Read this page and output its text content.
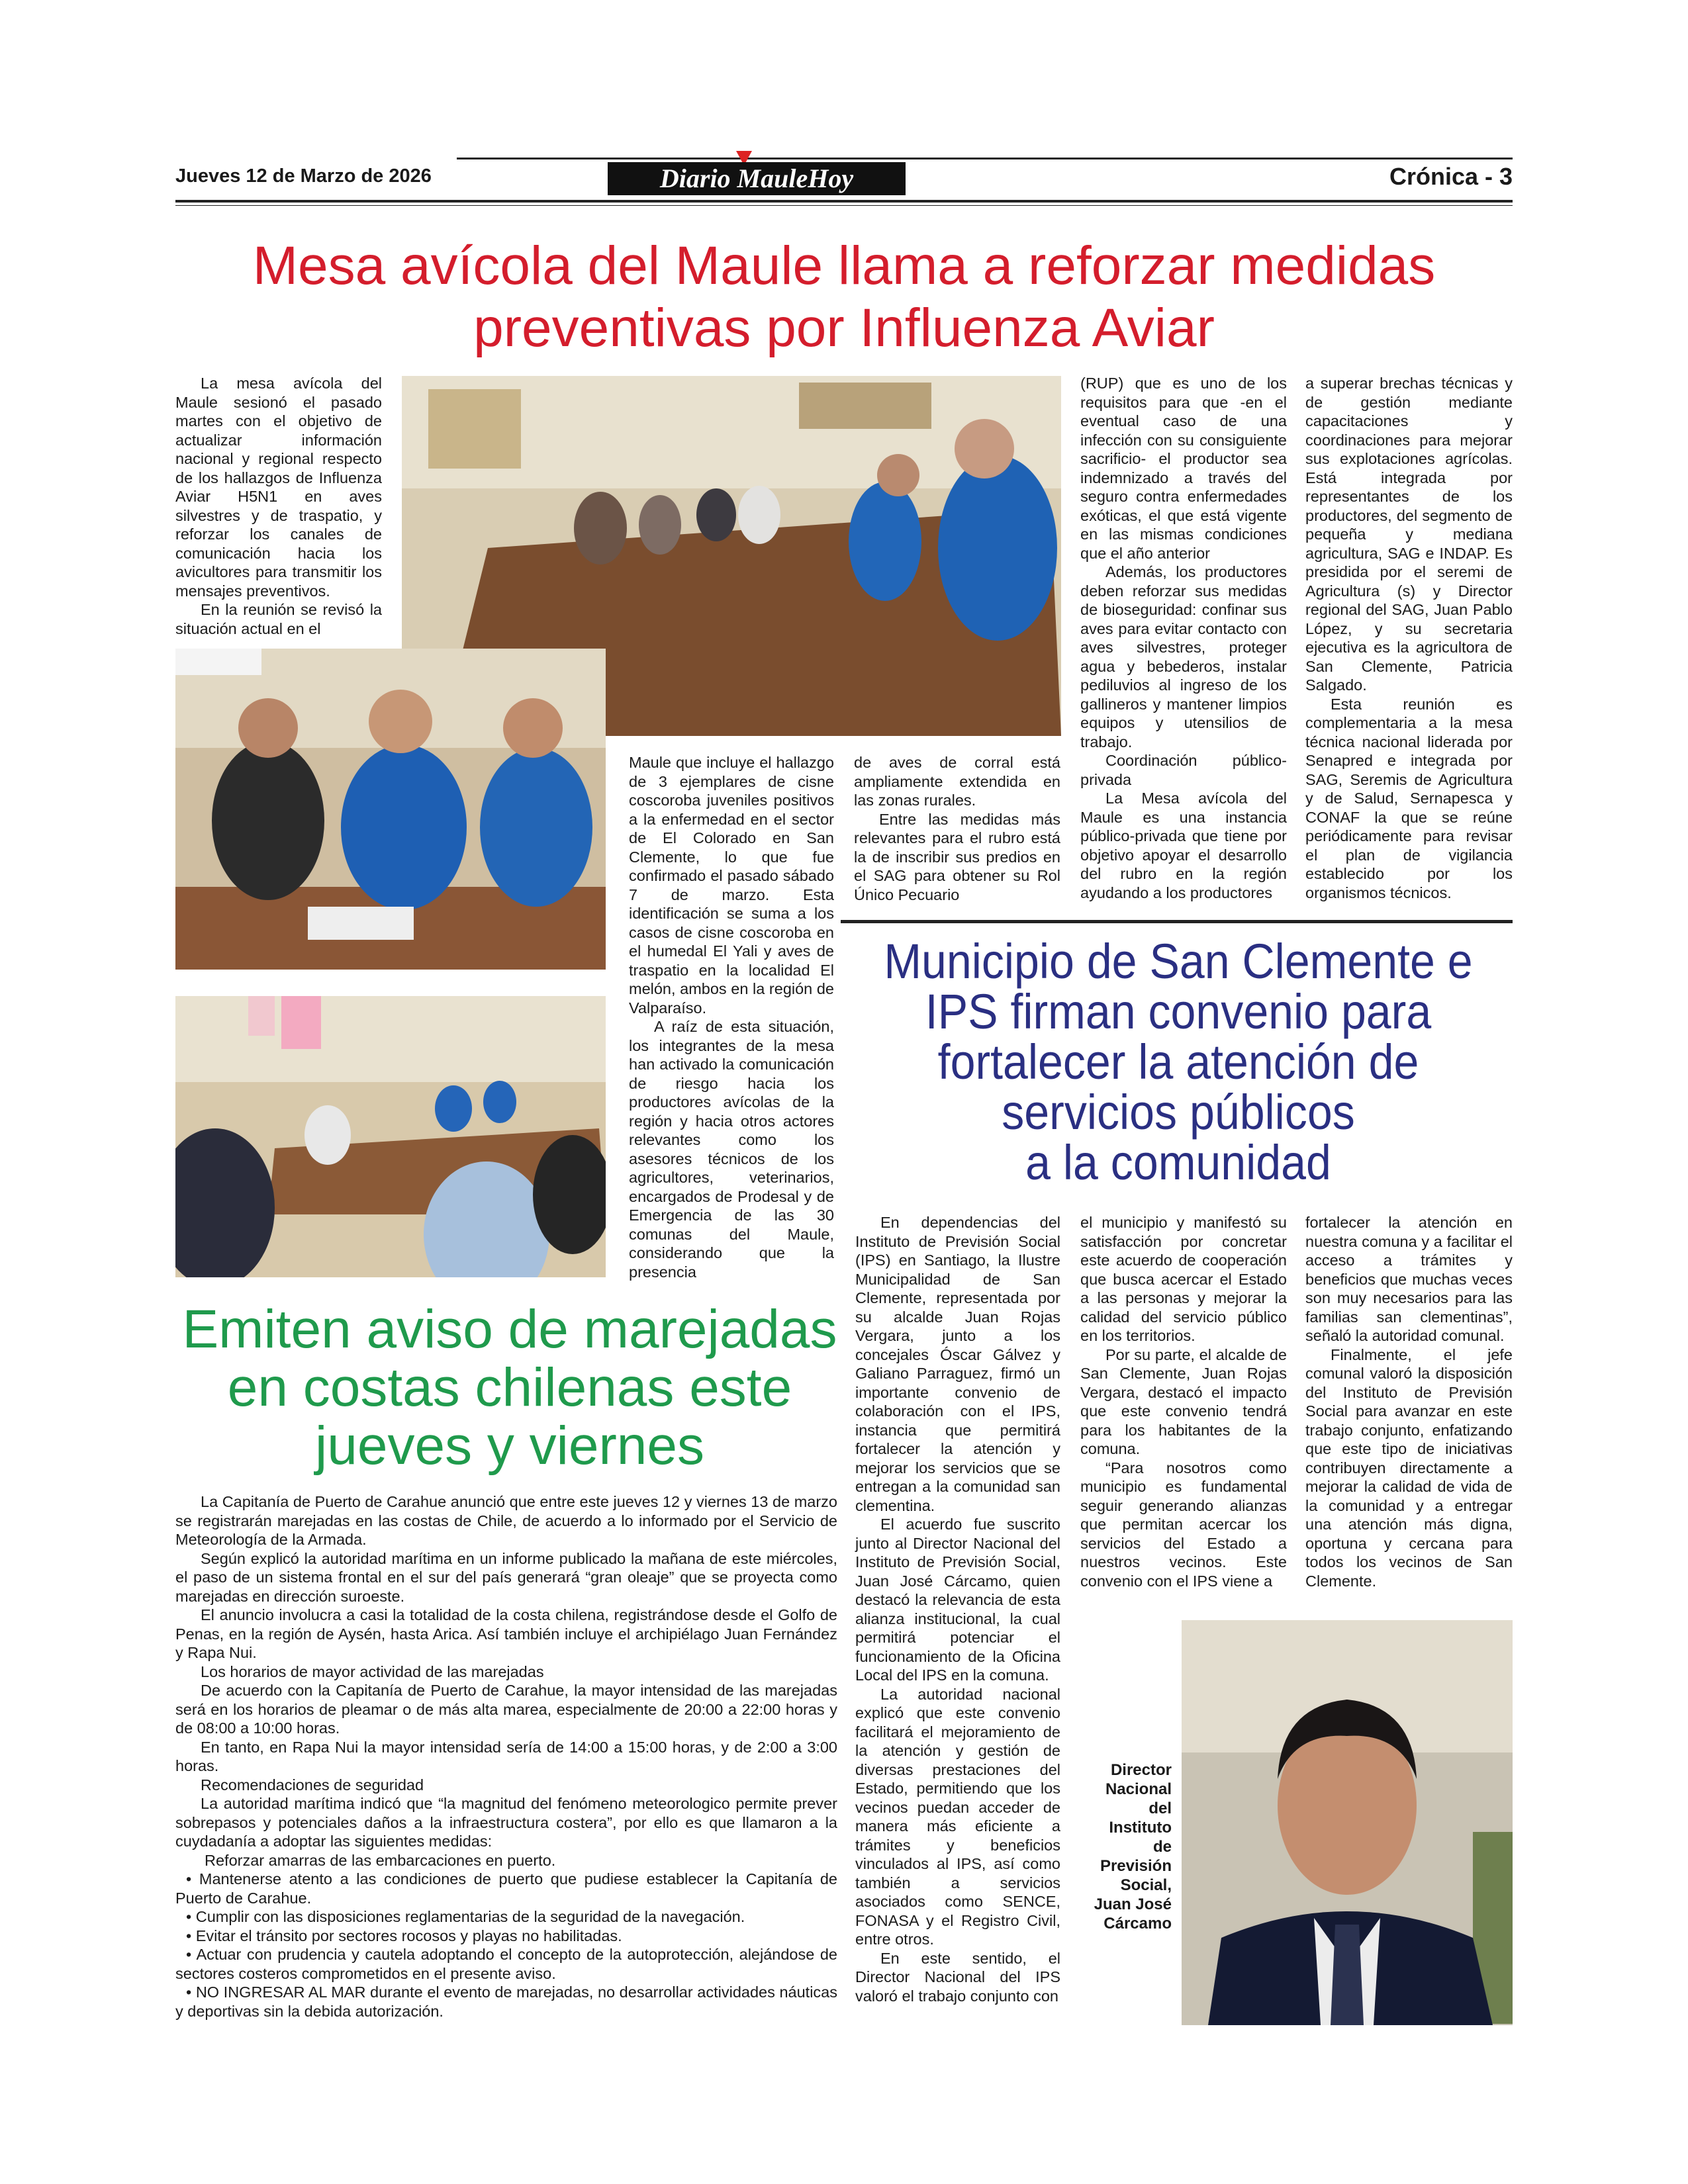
Jueves 12 de Marzo de 2026	Diario MauleHoy	Crónica - 3
Mesa avícola del Maule llama a reforzar medidas
preventivas por Influenza Aviar

La mesa avícola del Maule sesionó el pasado martes con el objetivo de actualizar información nacional y regional respecto de los hallazgos de Influenza Aviar H5N1 en aves silvestres y de traspatio, y reforzar los canales de comunicación hacia los avicultores para transmitir los mensajes preventivos.

En la reunión se revisó la situación actual en el

Maule que incluye el hallazgo de 3 ejemplares de cisne coscoroba juveniles positivos a la enfermedad en el sector de El Colorado en San Clemente, lo que fue confirmado el pasado sábado 7 de marzo. Esta identificación se suma a los casos de cisne coscoroba en el humedal El Yali y aves de traspatio en la localidad El melón, ambos en la región de Valparaíso.

A raíz de esta situación, los integrantes de la mesa han activado la comunicación de riesgo hacia los productores avícolas de la región y hacia otros actores relevantes como los asesores técnicos de los agricultores, veterinarios, encargados de Prodesal y de Emergencia de las 30 comunas del Maule, considerando que la presencia

de aves de corral está ampliamente extendida en las zonas rurales.

Entre las medidas más relevantes para el rubro está la de inscribir sus predios en el SAG para obtener su Rol Único Pecuario

(RUP) que es uno de los requisitos para que -en el eventual caso de una infección con su consiguiente sacrificio- el productor sea indemnizado a través del seguro contra enfermedades exóticas, el que está vigente en las mismas condiciones que el año anterior

Además, los productores deben reforzar sus medidas de bioseguridad: confinar sus aves para evitar contacto con aves silvestres, proteger agua y bebederos, instalar pediluvios al ingreso de los gallineros y mantener limpios equipos y utensilios de trabajo.

Coordinación público-privada

La Mesa avícola del Maule es una instancia público-privada que tiene por objetivo apoyar el desarrollo del rubro en la región ayudando a los productores

a superar brechas técnicas y de gestión mediante capacitaciones y coordinaciones para mejorar sus explotaciones agrícolas. Está integrada por representantes de los productores, del segmento de pequeña y mediana agricultura, SAG e INDAP. Es presidida por el seremi de Agricultura (s) y Director regional del SAG, Juan Pablo López, y su secretaria ejecutiva es la agricultora de San Clemente, Patricia Salgado.

Esta reunión es complementaria a la mesa técnica nacional liderada por Senapred e integrada por SAG, Seremis de Agricultura y de Salud, Sernapesca y CONAF la que se reúne periódicamente para revisar el plan de vigilancia establecido por los organismos técnicos.

Municipio de San Clemente e
IPS firman convenio para
fortalecer la atención de
servicios públicos
a la comunidad

En dependencias del Instituto de Previsión Social (IPS) en Santiago, la Ilustre Municipalidad de San Clemente, representada por su alcalde Juan Rojas Vergara, junto a los concejales Óscar Gálvez y Galiano Parraguez, firmó un importante convenio de colaboración con el IPS, instancia que permitirá fortalecer la atención y mejorar los servicios que se entregan a la comunidad san clementina.

El acuerdo fue suscrito junto al Director Nacional del Instituto de Previsión Social, Juan José Cárcamo, quien destacó la relevancia de esta alianza institucional, la cual permitirá potenciar el funcionamiento de la Oficina Local del IPS en la comuna.

La autoridad nacional explicó que este convenio facilitará el mejoramiento de la atención y gestión de diversas prestaciones del Estado, permitiendo que los vecinos puedan acceder de manera más eficiente a trámites y beneficios vinculados al IPS, así como también a servicios asociados como SENCE, FONASA y el Registro Civil, entre otros.

En este sentido, el Director Nacional del IPS valoró el trabajo conjunto con

el municipio y manifestó su satisfacción por concretar este acuerdo de cooperación que busca acercar el Estado a las personas y mejorar la calidad del servicio público en los territorios.

Por su parte, el alcalde de San Clemente, Juan Rojas Vergara, destacó el impacto que este convenio tendrá para los habitantes de la comuna.

“Para nosotros como municipio es fundamental seguir generando alianzas que permitan acercar los servicios del Estado a nuestros vecinos. Este convenio con el IPS viene a

fortalecer la atención en nuestra comuna y a facilitar el acceso a trámites y beneficios que muchas veces son muy necesarios para las familias san clementinas”, señaló la autoridad comunal.

Finalmente, el jefe comunal valoró la disposición del Instituto de Previsión Social para avanzar en este trabajo conjunto, enfatizando que este tipo de iniciativas contribuyen directamente a mejorar la calidad de vida de la comunidad y a entregar una atención más digna, oportuna y cercana para todos los vecinos de San Clemente.

Director
Nacional
del
Instituto
de
Previsión
Social,
Juan José
Cárcamo
Emiten aviso de marejadas
en costas chilenas este
jueves y viernes

La Capitanía de Puerto de Carahue anunció que entre este jueves 12 y viernes 13 de marzo se registrarán marejadas en las costas de Chile, de acuerdo a lo informado por el Servicio de Meteorología de la Armada.

Según explicó la autoridad marítima en un informe publicado la mañana de este miércoles, el paso de un sistema frontal en el sur del país generará “gran oleaje” que se proyecta como marejadas en dirección suroeste.

El anuncio involucra a casi la totalidad de la costa chilena, registrándose desde el Golfo de Penas, en la región de Aysén, hasta Arica. Así también incluye el archipiélago Juan Fernández y Rapa Nui.

Los horarios de mayor actividad de las marejadas

De acuerdo con la Capitanía de Puerto de Carahue, la mayor intensidad de las marejadas será en los horarios de pleamar o de más alta marea, especialmente de 20:00 a 22:00 horas y de 08:00 a 10:00 horas.

En tanto, en Rapa Nui la mayor intensidad sería de 14:00 a 15:00 horas, y de 2:00 a 3:00 horas.

Recomendaciones de seguridad

La autoridad marítima indicó que “la magnitud del fenómeno meteorologico permite prever sobrepasos y potenciales daños a la infraestructura costera”, por ello es que llamaron a la cuydadanía a adoptar las siguientes medidas:

Reforzar amarras de las embarcaciones en puerto.

• Mantenerse atento a las condiciones de puerto que pudiese establecer la Capitanía de Puerto de Carahue.

• Cumplir con las disposiciones reglamentarias de la seguridad de la navegación.

• Evitar el tránsito por sectores rocosos y playas no habilitadas.

• Actuar con prudencia y cautela adoptando el concepto de la autoprotección, alejándose de sectores costeros comprometidos en el presente aviso.

• NO INGRESAR AL MAR durante el evento de marejadas, no desarrollar actividades náuticas y deportivas sin la debida autorización.
